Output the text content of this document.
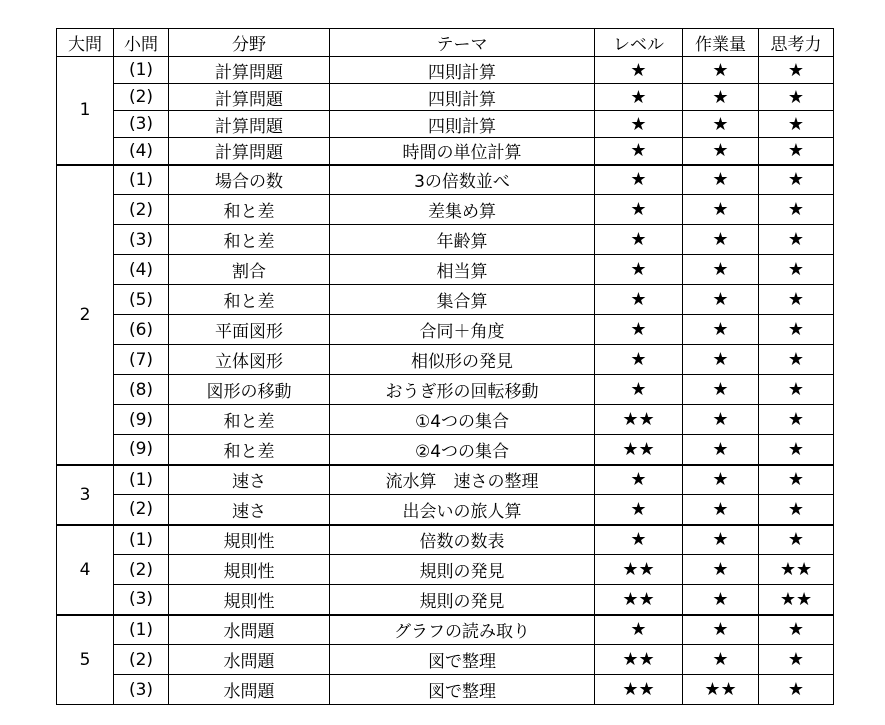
大問	小問	分野	テーマ	レベル	作業量	思考力
1	(1)	計算問題	四則計算	★	★	★
	(2)	計算問題	四則計算	★	★	★
	(3)	計算問題	四則計算	★	★	★
	(4)	計算問題	時間の単位計算	★	★	★
2	(1)	場合の数	3の倍数並べ	★	★	★
	(2)	和と差	差集め算	★	★	★
	(3)	和と差	年齢算	★	★	★
	(4)	割合	相当算	★	★	★
	(5)	和と差	集合算	★	★	★
	(6)	平面図形	合同＋角度	★	★	★
	(7)	立体図形	相似形の発見	★	★	★
	(8)	図形の移動	おうぎ形の回転移動	★	★	★
	(9)	和と差	①4つの集合	★★	★	★
	(9)	和と差	②4つの集合	★★	★	★
3	(1)	速さ	流水算　速さの整理	★	★	★
	(2)	速さ	出会いの旅人算	★	★	★
4	(1)	規則性	倍数の数表	★	★	★
	(2)	規則性	規則の発見	★★	★	★★
	(3)	規則性	規則の発見	★★	★	★★
5	(1)	水問題	グラフの読み取り	★	★	★
	(2)	水問題	図で整理	★★	★	★
	(3)	水問題	図で整理	★★	★★	★
